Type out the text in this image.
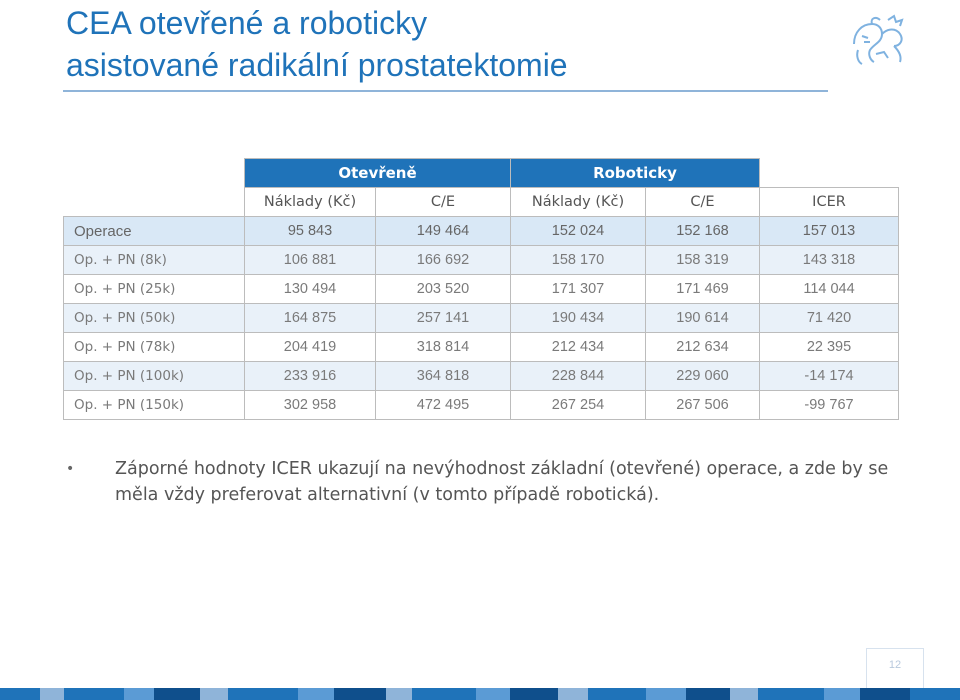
CEA otevřené a roboticky
asistované radikální prostatektomie
	Otevřeně		Roboticky		
	Náklady (Kč)	C/E	Náklady (Kč)	C/E	ICER
Operace	95 843	149 464	152 024	152 168	157 013
Op. + PN (8k)	106 881	166 692	158 170	158 319	143 318
Op. + PN (25k)	130 494	203 520	171 307	171 469	114 044
Op. + PN (50k)	164 875	257 141	190 434	190 614	71 420
Op. + PN (78k)	204 419	318 814	212 434	212 634	22 395
Op. + PN (100k)	233 916	364 818	228 844	229 060	-14 174
Op. + PN (150k)	302 958	472 495	267 254	267 506	-99 767
•	Záporné hodnoty ICER ukazují na nevýhodnost základní (otevřené) operace, a zde by se měla vždy preferovat alternativní (v tomto případě robotická).
12
